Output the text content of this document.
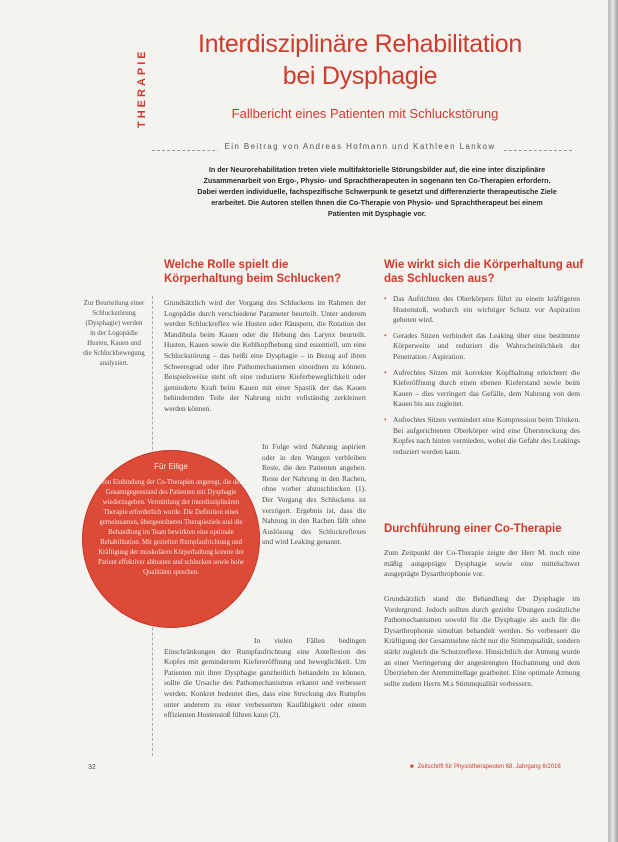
THERAPIE
Interdisziplinäre Rehabilitation
bei Dysphagie
Fallbericht eines Patienten mit Schluckstörung
Ein Beitrag von Andreas Hofmann und Kathleen Lankow
In der Neurorehabilitation treten viele multifaktorielle Störungsbilder auf, die eine inter disziplinäre Zusammenarbeit von Ergo-, Physio- und Sprachtherapeuten in sogenann ten Co-Therapien erfordern. Dabei werden individuelle, fachspezifische Schwerpunk te gesetzt und differenzierte therapeutische Ziele erarbeitet. Die Autoren stellen Ihnen die Co-Therapie von Physio- und Sprachtherapeut bei einem Patienten mit Dysphagie vor.
Welche Rolle spielt die Körperhaltung beim Schlucken?
Zur Beurteilung einer Schluckstörung (Dysphagie) werden in der Logopädie Husten, Kauen und die Schluckbewegung analysiert.
Grundsätzlich wird der Vorgang des Schluckens im Rahmen der Logopädie durch verschiedene Parameter beurteilt. Unter anderem werden Schluckreflex wie Husten oder Räuspern, die Rotation der Mandibula beim Kauen oder die Hebung des Larynx beurteilt. Husten, Kauen sowie die Kehlkopfhebung sind essentiell, um eine Schluckstörung – das heißt eine Dysphagie – in Bezug auf ihren Schweregrad oder ihre Pathomechanismen einordnen zu können. Beispielsweise steht oft eine reduzierte Kieferbeweglichkeit oder geminderte Kraft beim Kauen mit einer Spastik der das Kauen behindernden Teile der Nahrung nicht vollständig zerkleinert werden können.
In Folge wird Nahrung aspiriert oder in den Wangen verbleiben Reste, die den Patienten angehen. Reste der Nahrung in den Rachen, ohne vorher abzuschlucken (1). Der Vorgang des Schluckens ist verzögert. Ergebnis ist, dass die Nahrung in den Rachen fällt ohne Auslösung des Schluckreflexes und wird Leaking genannt.
In vielen Fällen bedingen Einschränkungen der Rumpfaufrichtung eine Anteflexion des Kopfes mit gemindertem Kiefereröffnung und beweglichkeit. Um Patienten mit ihrer Dysphagie ganzheitlich behandeln zu können, sollte die Ursache des Pathomechanismus erkannt und verbessert werden. Konkret bedeutet dies, dass eine Streckung des Rumpfes unter anderem zu einer verbesserten Kaufähigkeit oder einem effizienten Hustenstoß führen kann (2).
Für Eilige
Von Einbindung der Co-Therapien angeregt, die der Gesamtgegenstand des Patienten mit Dysphagie wiederzugeben. Vermittlung der interdisziplinären Therapie erforderlich wurde. Die Definition eines gemeinsamen, übergeordneten Therapieziels und die Behandlung im Team bewirkten eine optimale Rehabilitation. Mit gezielten Rumpfaufrichtung und Kräftigung der muskulären Körperhaltung konnte der Patient effektiver abhusten und schlucken sowie hohe Qualitäten sprechen.
Wie wirkt sich die Körperhaltung auf das Schlucken aus?
• Das Aufrichten des Oberkörpers führt zu einem kräftigeren Hustenstoß, wodurch ein wichtiger Schutz vor Aspiration geboten wird.
• Gerades Sitzen verhindert das Leaking über eine bestimmte Körperweite und reduziert die Wahrscheinlichkeit der Penetration / Aspiration.
• Aufrechtes Sitzen mit korrekter Kopfhaltung erleichtert die Kieferöffnung durch einen ebenen Kieferstand sowie beim Kauen – dies verringert das Gefälle, dem Nahrung von dem Kauen bis aus zugleitet.
• Aufrechtes Sitzen vermindert eine Kompression beim Trinken. Bei aufgerichtetem Oberkörper wird eine Überstreckung des Kopfes nach hinten vermieden, wobei die Gefahr des Leakings reduziert werden kann.
Durchführung einer Co-Therapie
Zum Zeitpunkt der Co-Therapie zeigte der Herr M. noch eine mäßig ausgeprägte Dysphagie sowie eine mittelschwer ausgeprägte Dysarthrophonie vor.
Grundsätzlich stand die Behandlung der Dysphagie im Vordergrund. Jedoch sollten durch gezielte Übungen zusätzliche Pathomechanismen sowohl für die Dysphagie als auch für die Dysarthrophonie simultan behandelt werden. So verbessert die Kräftigung der Gesamtsehne nicht nur die Stimmqualität, sondern stärkt zugleich die Schutzreflexe. Hinsichtlich der Atmung wurde an einer Verringerung der angestrengten Hochatmung und dem Überziehen der Atemmittellage gearbeitet. Eine optimale Atmung sollte zudem Herrn M.s Stimmqualität verbessern.
32	■ Zeitschrift für Physiotherapeuten 68. Jahrgang 6/2016
